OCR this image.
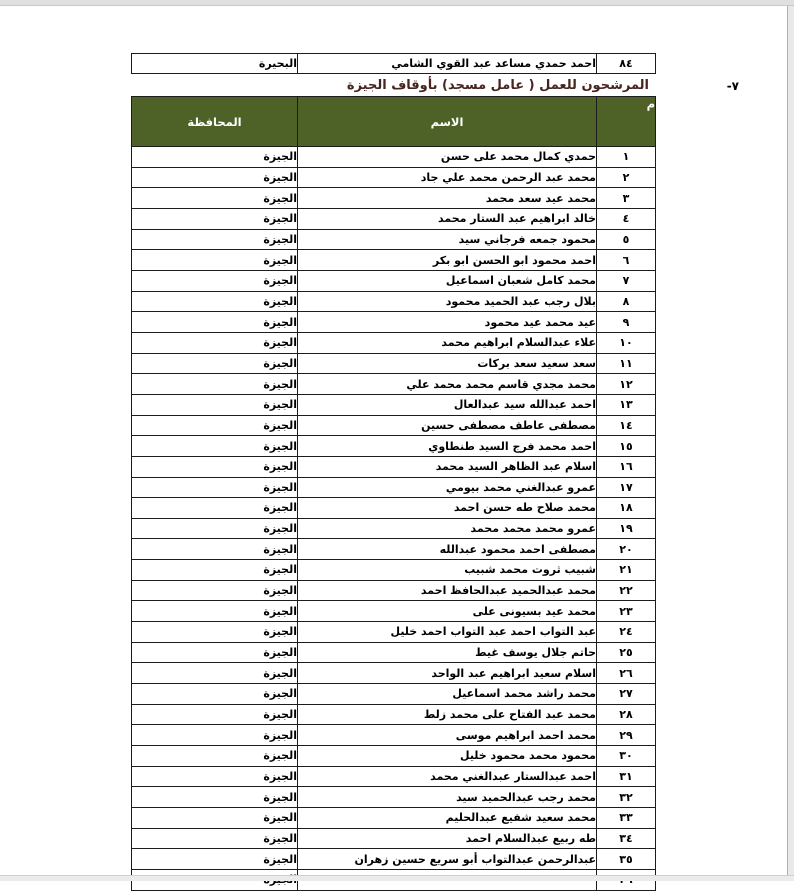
٨٤	احمد حمدي مساعد عبد القوي الشامي	البحيرة
٧-
المرشحون للعمل ( عامل مسجد) بأوقاف الجيزة
م	الاسم	المحافظة
١	حمدي كمال محمد على حسن	الجيزة
٢	محمد عبد الرحمن محمد علي جاد	الجيزة
٣	محمد عيد سعد محمد	الجيزة
٤	خالد ابراهيم عبد الستار محمد	الجيزة
٥	محمود جمعه فرجاني سيد	الجيزة
٦	احمد محمود ابو الحسن ابو بكر	الجيزة
٧	محمد كامل شعبان اسماعيل	الجيزة
٨	بلال رجب عبد الحميد محمود	الجيزة
٩	عيد محمد عيد محمود	الجيزة
١٠	علاء عبدالسلام ابراهيم محمد	الجيزة
١١	سعد سعيد سعد بركات	الجيزة
١٢	محمد مجدي قاسم محمد محمد علي	الجيزة
١٣	احمد عبدالله سيد عبدالعال	الجيزة
١٤	مصطفى عاطف مصطفى حسين	الجيزة
١٥	احمد محمد فرج السيد طنطاوي	الجيزة
١٦	اسلام عبد الظاهر السيد محمد	الجيزة
١٧	عمرو عبدالغني محمد بيومي	الجيزة
١٨	محمد صلاح طه حسن احمد	الجيزة
١٩	عمرو محمد محمد محمد	الجيزة
٢٠	مصطفى احمد محمود عبدالله	الجيزة
٢١	شبيب ثروت محمد شبيب	الجيزة
٢٢	محمد عبدالحميد عبدالحافظ احمد	الجيزة
٢٣	محمد عيد بسيونى على	الجيزة
٢٤	عبد التواب احمد عبد التواب احمد خليل	الجيزة
٢٥	حاتم جلال يوسف غيط	الجيزة
٢٦	اسلام سعيد ابراهيم عبد الواحد	الجيزة
٢٧	محمد راشد محمد اسماعيل	الجيزة
٢٨	محمد عبد الفتاح على محمد زلط	الجيزة
٢٩	محمد احمد ابراهيم موسى	الجيزة
٣٠	محمود محمد محمود خليل	الجيزة
٣١	احمد عبدالستار عبدالغني محمد	الجيزة
٣٢	محمد رجب عبدالحميد سيد	الجيزة
٣٣	محمد سعيد شفيع عبدالحليم	الجيزة
٣٤	طه ربيع عبدالسلام احمد	الجيزة
٣٥	عبدالرحمن عبدالتواب أبو سريع حسين زهران	الجيزة
